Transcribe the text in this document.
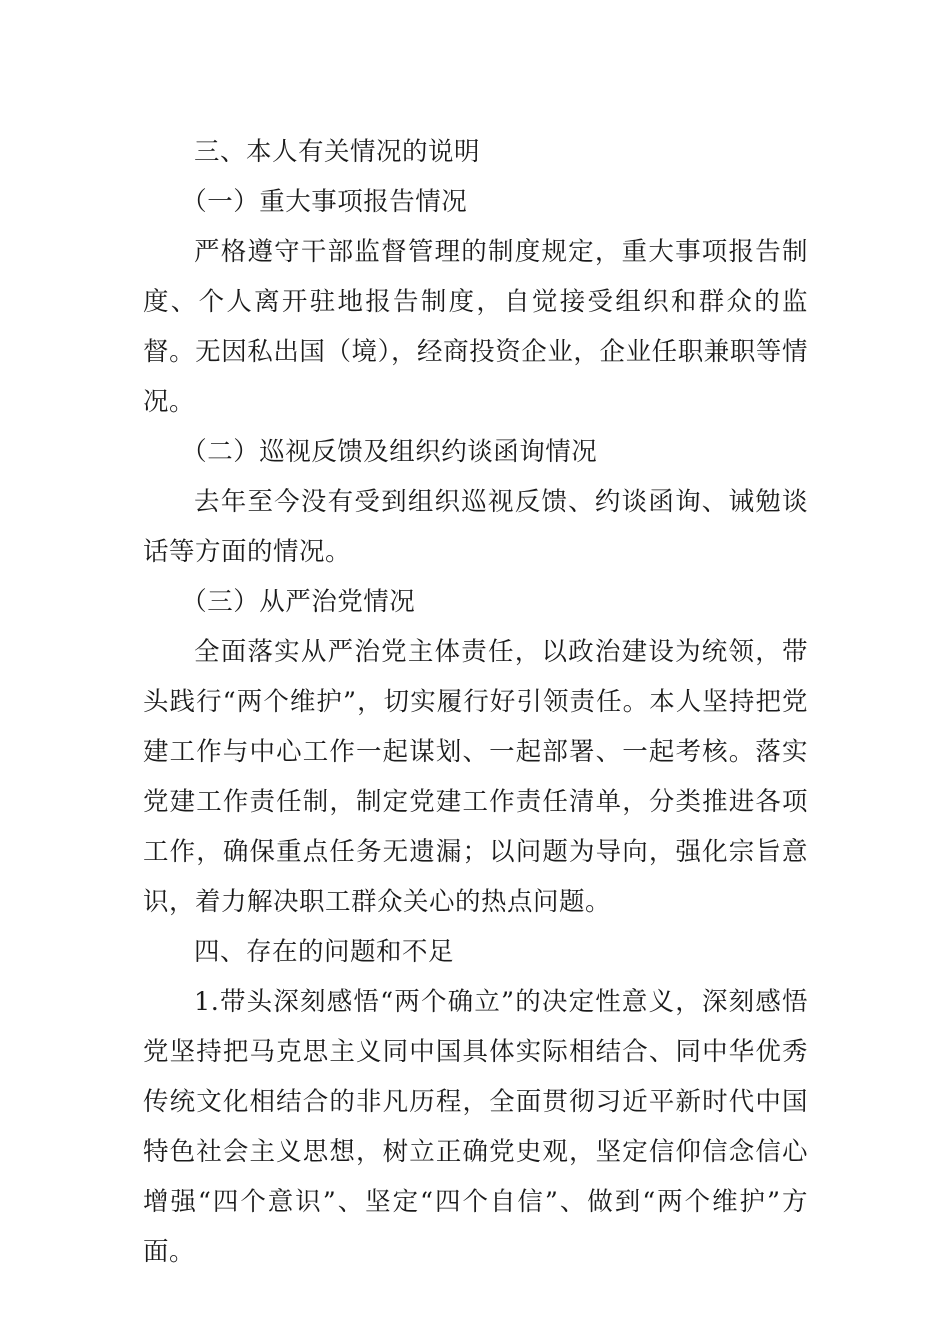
三、本人有关情况的说明

（一）重大事项报告情况

严格遵守干部监督管理的制度规定，重大事项报告制度、个人离开驻地报告制度，自觉接受组织和群众的监督。无因私出国（境），经商投资企业，企业任职兼职等情况。

（二）巡视反馈及组织约谈函询情况

去年至今没有受到组织巡视反馈、约谈函询、诫勉谈话等方面的情况。

（三）从严治党情况

全面落实从严治党主体责任，以政治建设为统领，带头践行“两个维护”，切实履行好引领责任。本人坚持把党建工作与中心工作一起谋划、一起部署、一起考核。落实党建工作责任制，制定党建工作责任清单，分类推进各项工作，确保重点任务无遗漏；以问题为导向，强化宗旨意识，着力解决职工群众关心的热点问题。

四、存在的问题和不足

1.带头深刻感悟“两个确立”的决定性意义，深刻感悟党坚持把马克思主义同中国具体实际相结合、同中华优秀传统文化相结合的非凡历程，全面贯彻习近平新时代中国特色社会主义思想，树立正确党史观，坚定信仰信念信心增强“四个意识”、坚定“四个自信”、做到“两个维护”方面。
